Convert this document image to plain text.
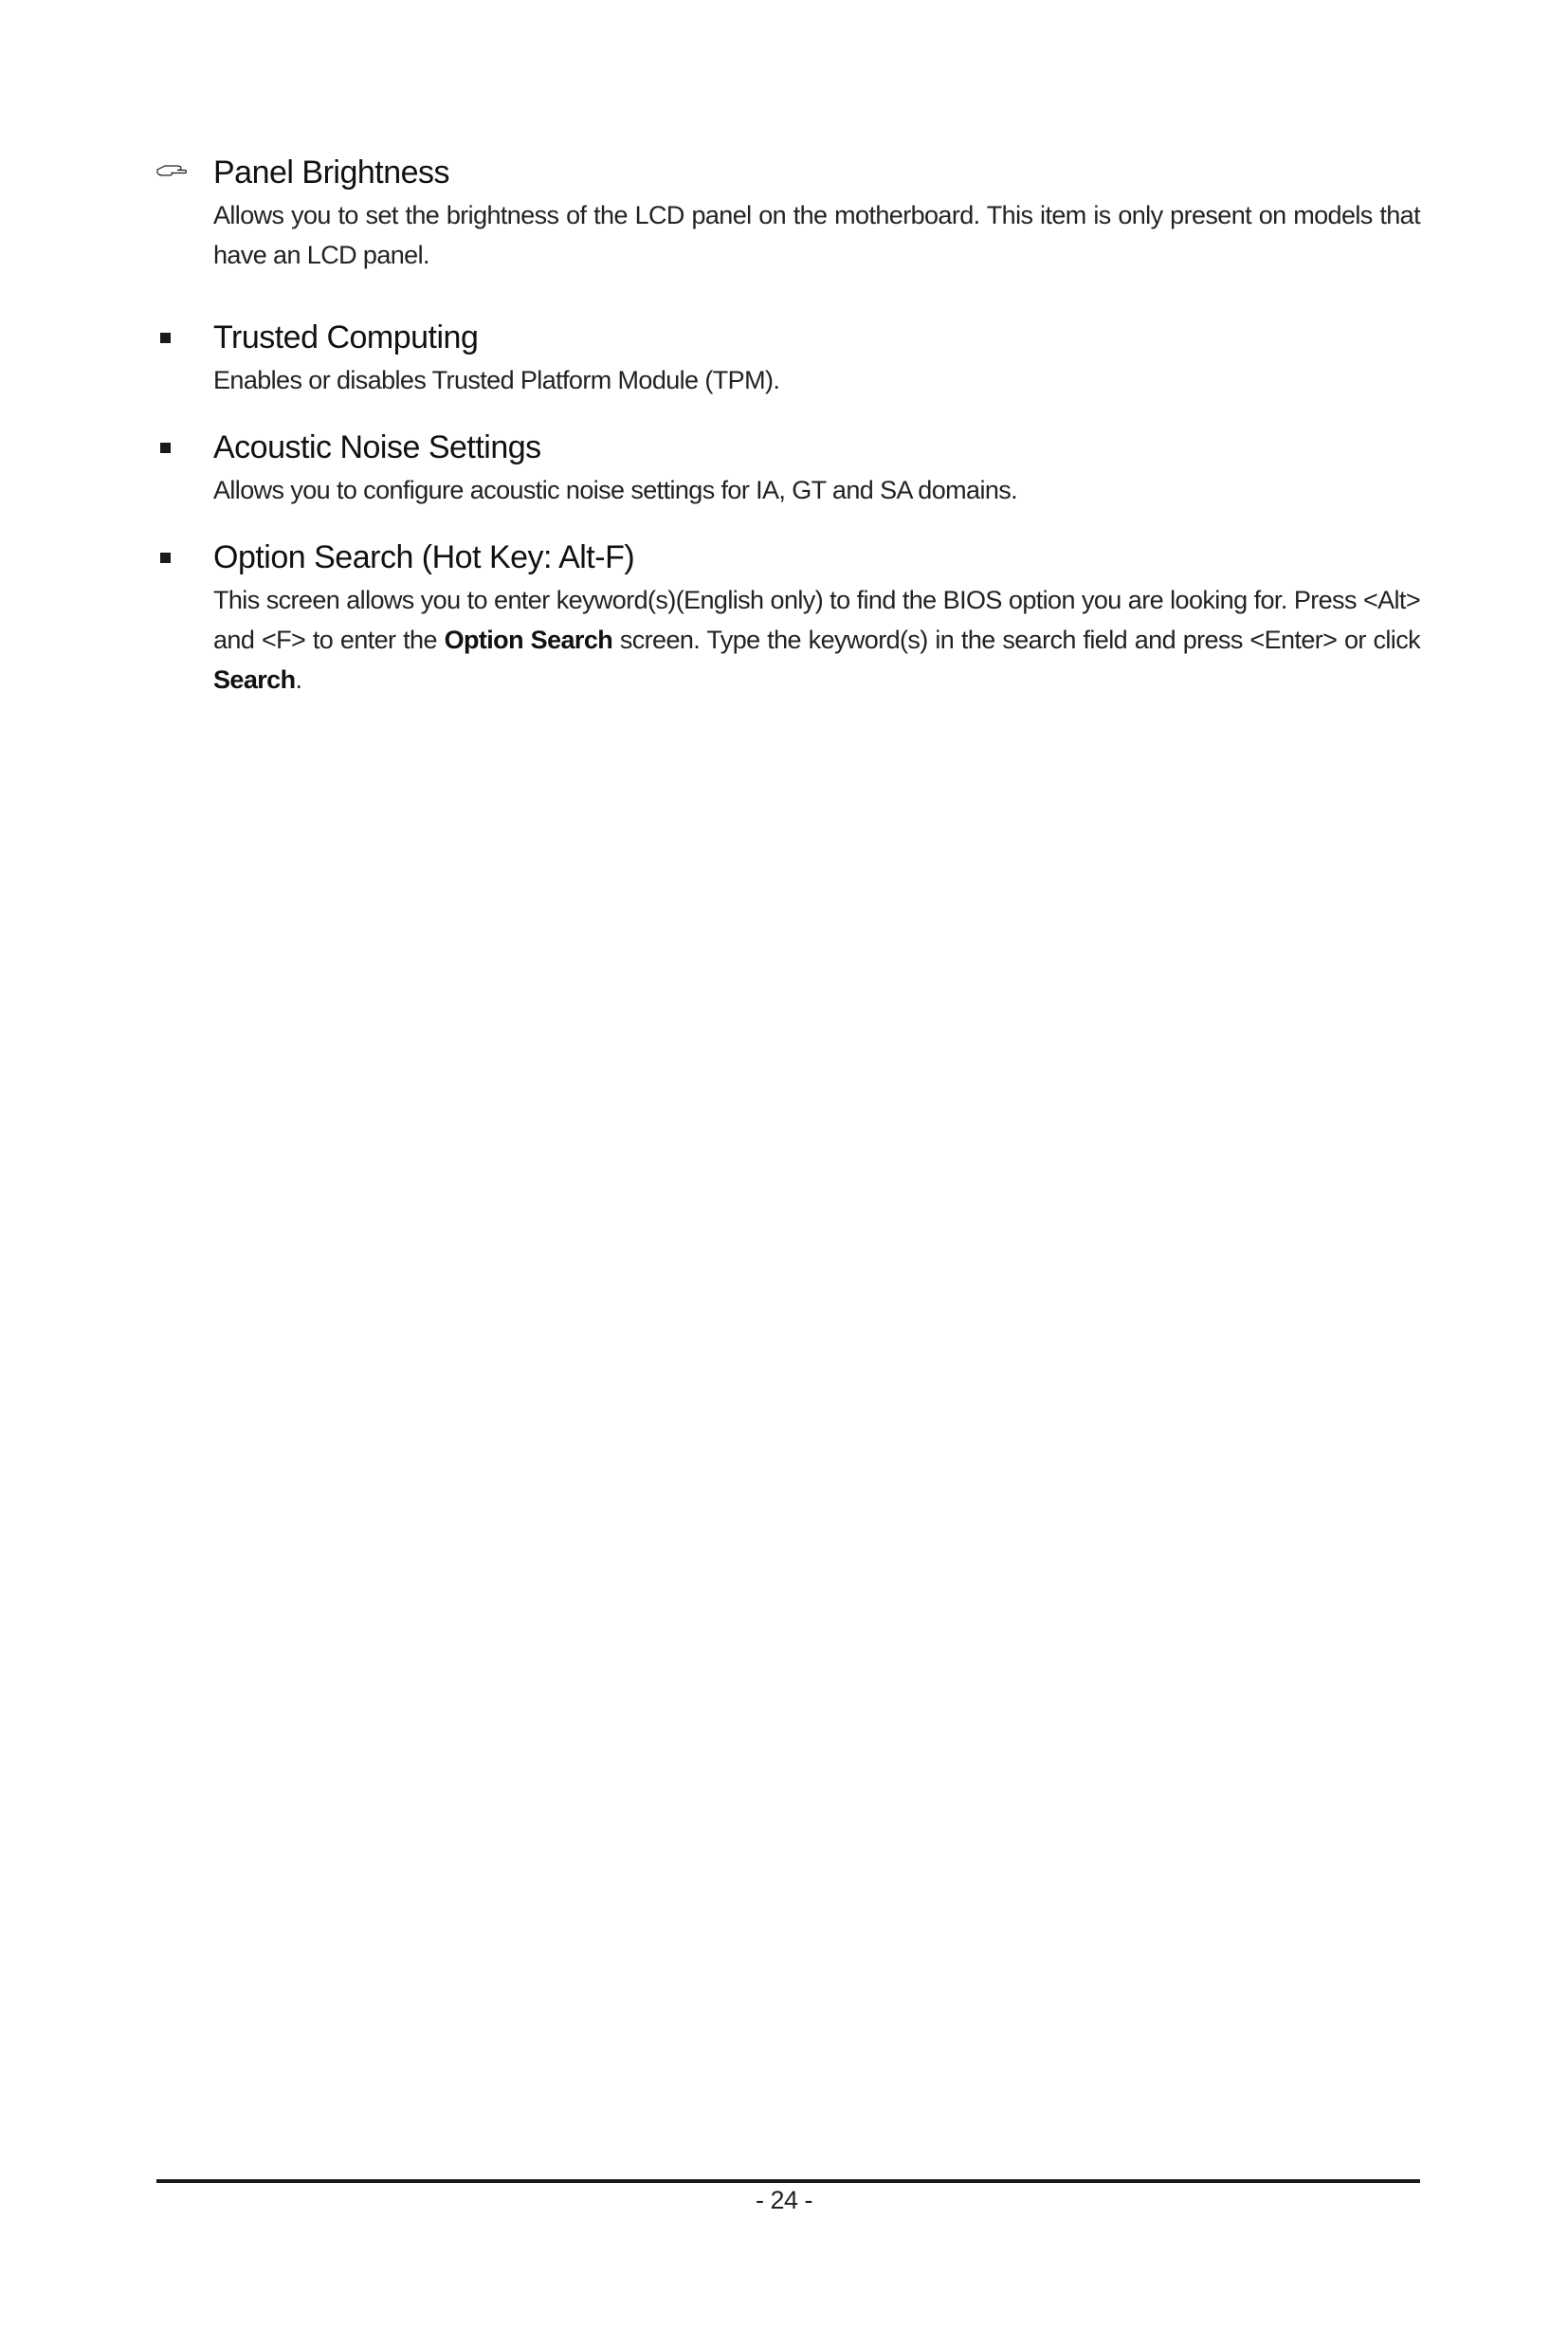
Panel Brightness

Allows you to set the brightness of the LCD panel on the motherboard. This item is only present on models that have an LCD panel.

Trusted Computing

Enables or disables Trusted Platform Module (TPM).

Acoustic Noise Settings

Allows you to configure acoustic noise settings for IA, GT and SA domains.

Option Search (Hot Key: Alt-F)

This screen allows you to enter keyword(s)(English only) to find the BIOS option you are looking for. Press <Alt> and <F> to enter the Option Search screen. Type the keyword(s) in the search field and press <Enter> or click Search.

- 24 -
